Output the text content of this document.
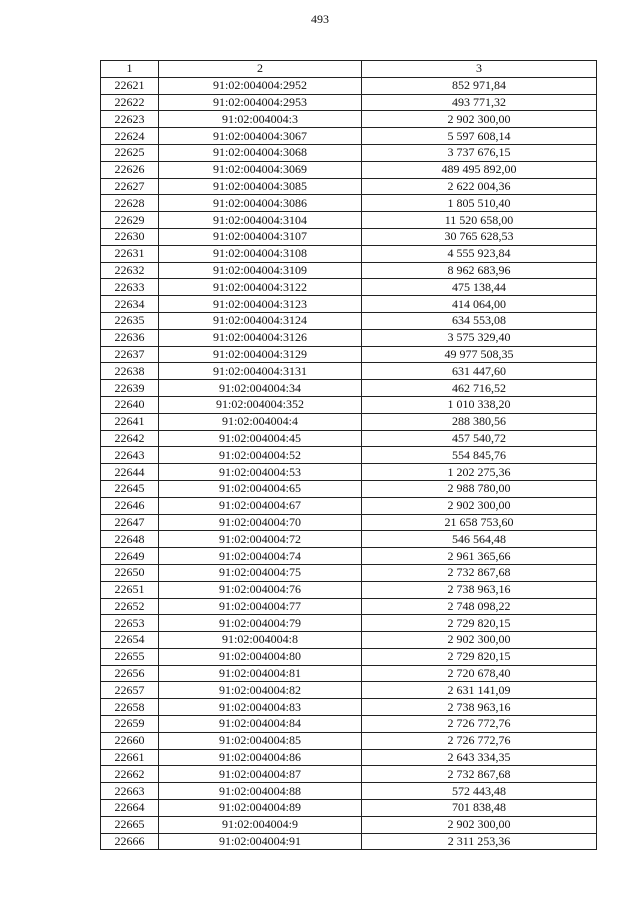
493
1	2	3
22621	91:02:004004:2952	852 971,84
22622	91:02:004004:2953	493 771,32
22623	91:02:004004:3	2 902 300,00
22624	91:02:004004:3067	5 597 608,14
22625	91:02:004004:3068	3 737 676,15
22626	91:02:004004:3069	489 495 892,00
22627	91:02:004004:3085	2 622 004,36
22628	91:02:004004:3086	1 805 510,40
22629	91:02:004004:3104	11 520 658,00
22630	91:02:004004:3107	30 765 628,53
22631	91:02:004004:3108	4 555 923,84
22632	91:02:004004:3109	8 962 683,96
22633	91:02:004004:3122	475 138,44
22634	91:02:004004:3123	414 064,00
22635	91:02:004004:3124	634 553,08
22636	91:02:004004:3126	3 575 329,40
22637	91:02:004004:3129	49 977 508,35
22638	91:02:004004:3131	631 447,60
22639	91:02:004004:34	462 716,52
22640	91:02:004004:352	1 010 338,20
22641	91:02:004004:4	288 380,56
22642	91:02:004004:45	457 540,72
22643	91:02:004004:52	554 845,76
22644	91:02:004004:53	1 202 275,36
22645	91:02:004004:65	2 988 780,00
22646	91:02:004004:67	2 902 300,00
22647	91:02:004004:70	21 658 753,60
22648	91:02:004004:72	546 564,48
22649	91:02:004004:74	2 961 365,66
22650	91:02:004004:75	2 732 867,68
22651	91:02:004004:76	2 738 963,16
22652	91:02:004004:77	2 748 098,22
22653	91:02:004004:79	2 729 820,15
22654	91:02:004004:8	2 902 300,00
22655	91:02:004004:80	2 729 820,15
22656	91:02:004004:81	2 720 678,40
22657	91:02:004004:82	2 631 141,09
22658	91:02:004004:83	2 738 963,16
22659	91:02:004004:84	2 726 772,76
22660	91:02:004004:85	2 726 772,76
22661	91:02:004004:86	2 643 334,35
22662	91:02:004004:87	2 732 867,68
22663	91:02:004004:88	572 443,48
22664	91:02:004004:89	701 838,48
22665	91:02:004004:9	2 902 300,00
22666	91:02:004004:91	2 311 253,36
